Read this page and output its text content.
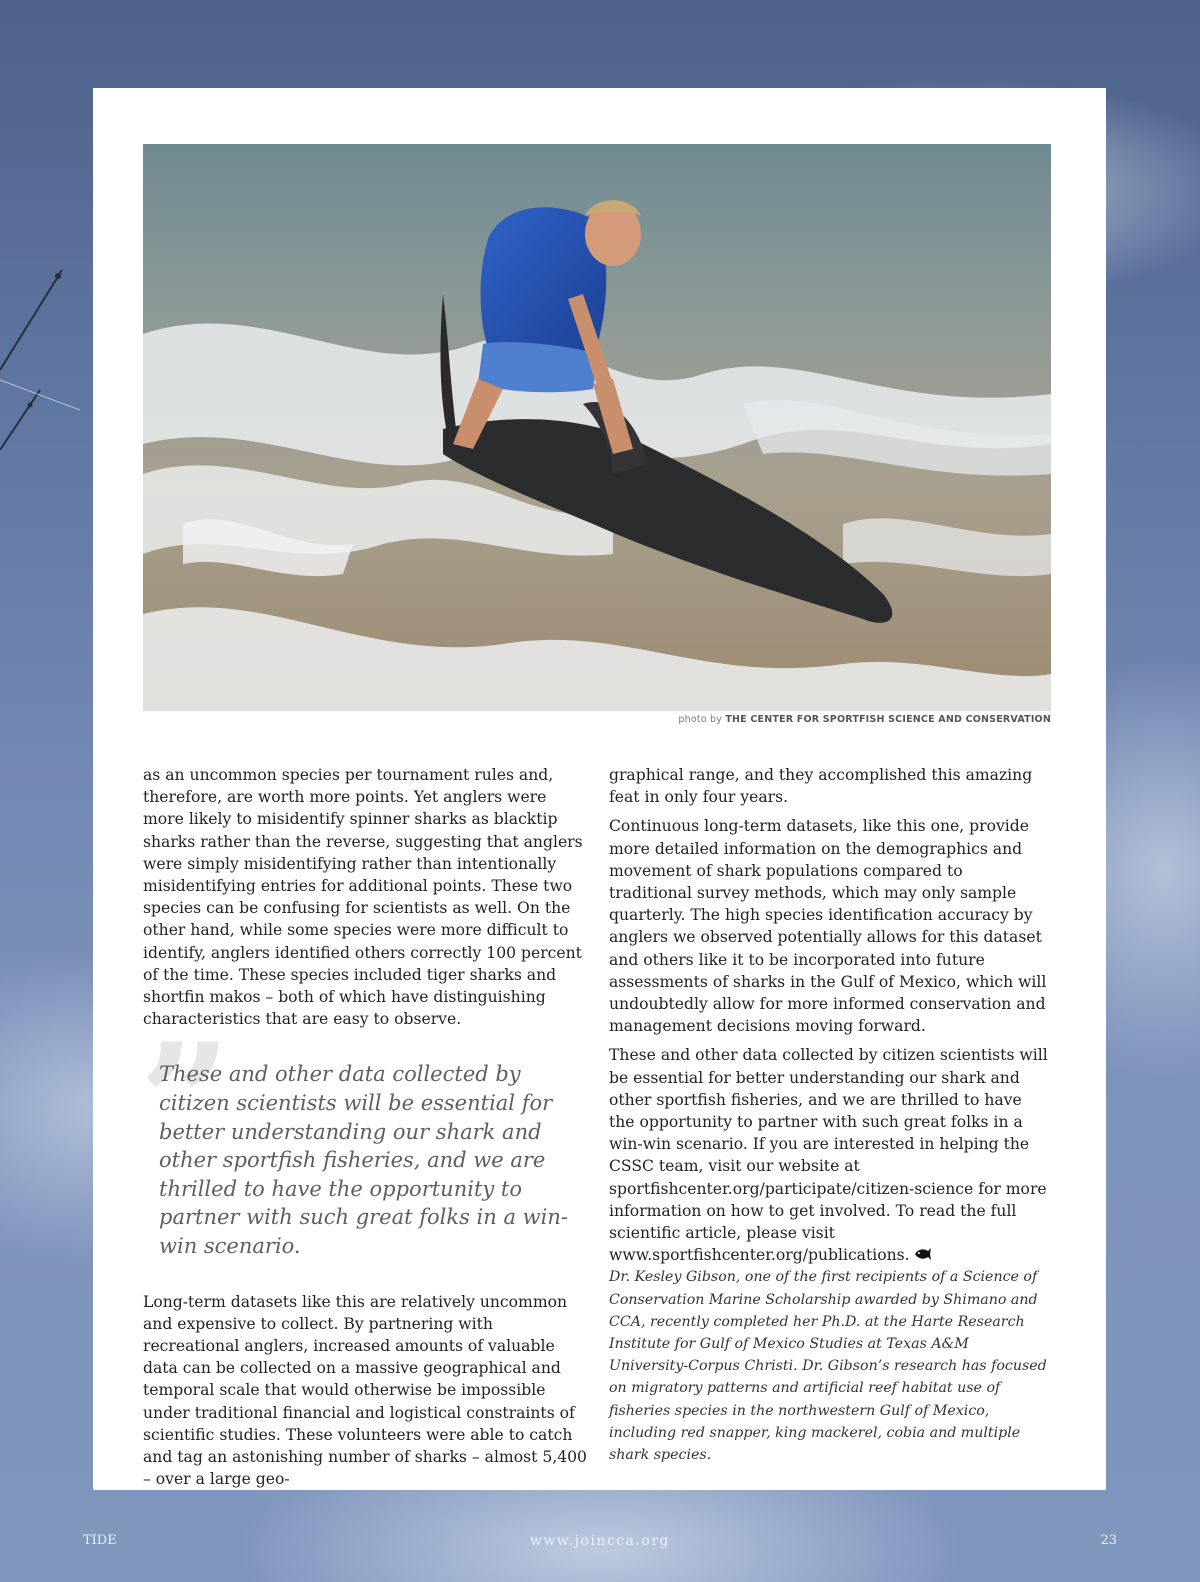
photo by THE CENTER FOR SPORTFISH SCIENCE AND CONSERVATION

as an uncommon species per tournament rules and, therefore, are worth more points. Yet anglers were more likely to misidentify spinner sharks as blacktip sharks rather than the reverse, suggesting that anglers were simply misidentifying rather than intentionally misidentifying entries for additional points. These two species can be confusing for scientists as well. On the other hand, while some species were more difficult to identify, anglers identified others correctly 100 percent of the time. These species included tiger sharks and shortfin makos – both of which have distinguishing characteristics that are easy to observe.

”
These and other data collected by citizen scientists will be essential for better understanding our shark and other sportfish fisheries, and we are thrilled to have the opportunity to partner with such great folks in a win-win scenario.

Long-term datasets like this are relatively uncommon and expensive to collect. By partnering with recreational anglers, increased amounts of valuable data can be collected on a massive geographical and temporal scale that would otherwise be impossible under traditional financial and logistical constraints of scientific studies. These volunteers were able to catch and tag an astonishing number of sharks – almost 5,400 – over a large geo-

graphical range, and they accomplished this amazing feat in only four years.

Continuous long-term datasets, like this one, provide more detailed information on the demographics and movement of shark populations compared to traditional survey methods, which may only sample quarterly. The high species identification accuracy by anglers we observed potentially allows for this dataset and others like it to be incorporated into future assessments of sharks in the Gulf of Mexico, which will undoubtedly allow for more informed conservation and management decisions moving forward.

These and other data collected by citizen scientists will be essential for better understanding our shark and other sportfish fisheries, and we are thrilled to have the opportunity to partner with such great folks in a win-win scenario. If you are interested in helping the CSSC team, visit our website at sportfishcenter.org/participate/citizen-science for more information on how to get involved. To read the full scientific article, please visit www.sportfishcenter.org/publications.

Dr. Kesley Gibson, one of the first recipients of a Science of Conservation Marine Scholarship awarded by Shimano and CCA, recently completed her Ph.D. at the Harte Research Institute for Gulf of Mexico Studies at Texas A&M University-Corpus Christi. Dr. Gibson’s research has focused on migratory patterns and artificial reef habitat use of fisheries species in the northwestern Gulf of Mexico, including red snapper, king mackerel, cobia and multiple shark species.

TIDE	www.joincca.org	23
